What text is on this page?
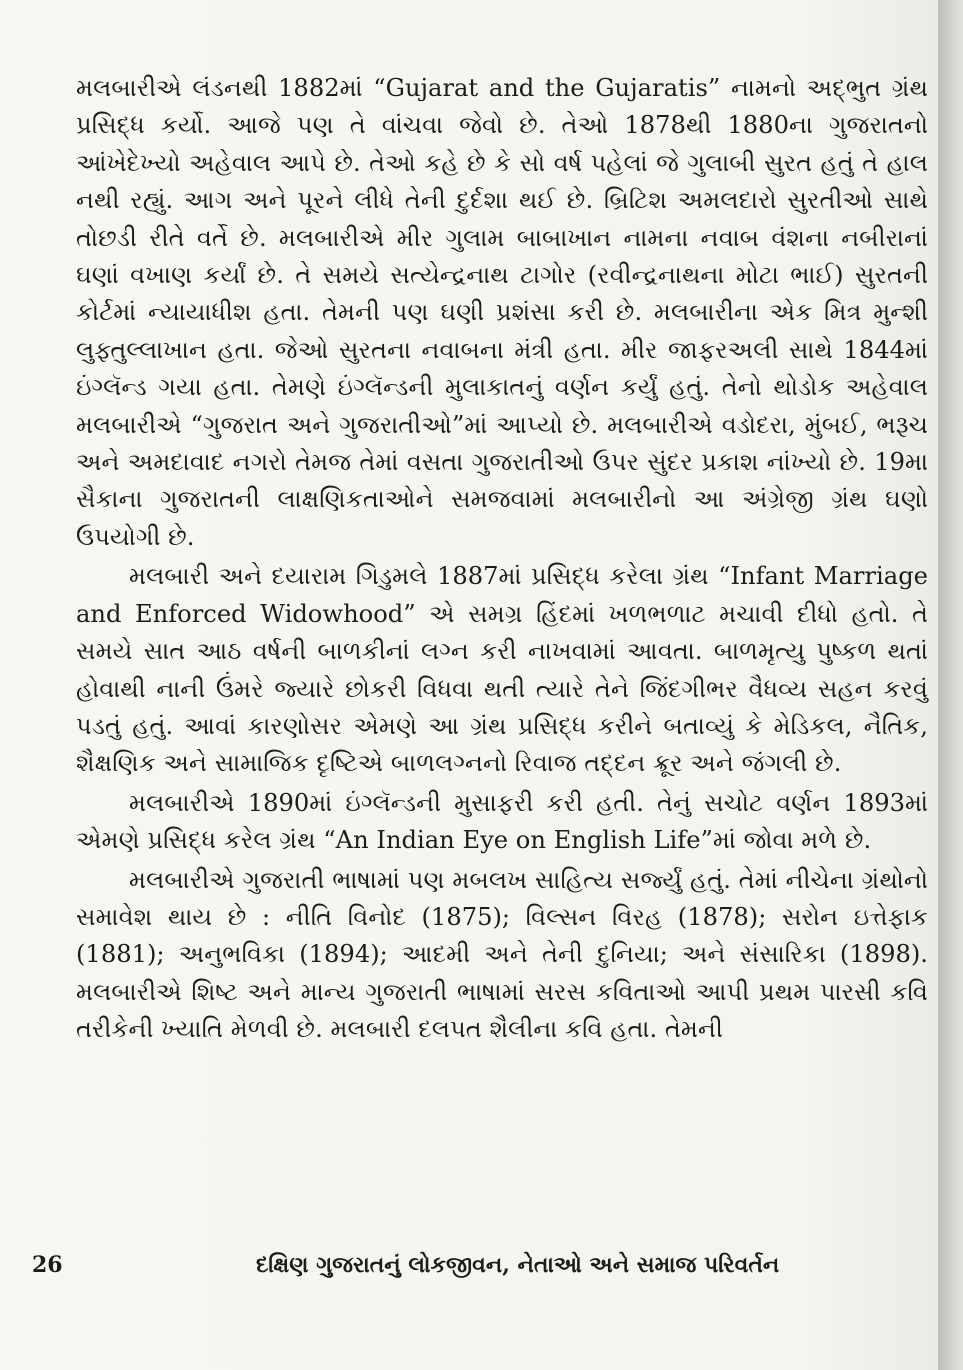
મલબારીએ લંડનથી 1882માં “Gujarat and the Gujaratis” નામનો અદ્ભુત ગ્રંથ પ્રસિદ્ધ કર્યો. આજે પણ તે વાંચવા જેવો છે. તેઓ 1878થી 1880ના ગુજરાતનો આંખેદેખ્યો અહેવાલ આપે છે. તેઓ કહે છે કે સો વર્ષ પહેલાં જે ગુલાબી સુરત હતું તે હાલ નથી રહ્યું. આગ અને પૂરને લીધે તેની દુર્દશા થઈ છે. બ્રિટિશ અમલદારો સુરતીઓ સાથે તોછડી રીતે વર્તે છે. મલબારીએ મીર ગુલામ બાબાખાન નામના નવાબ વંશના નબીરાનાં ઘણાં વખાણ કર્યાં છે. તે સમયે સત્યેન્દ્રનાથ ટાગોર (રવીન્દ્રનાથના મોટા ભાઈ) સુરતની કોર્ટમાં ન્યાયાધીશ હતા. તેમની પણ ઘણી પ્રશંસા કરી છે. મલબારીના એક મિત્ર મુન્શી લુફ્તુલ્લાખાન હતા. જેઓ સુરતના નવાબના મંત્રી હતા. મીર જાફરઅલી સાથે 1844માં ઇંગ્લૅન્ડ ગયા હતા. તેમણે ઇંગ્લૅન્ડની મુલાકાતનું વર્ણન કર્યું હતું. તેનો થોડોક અહેવાલ મલબારીએ “ગુજરાત અને ગુજરાતીઓ”માં આપ્યો છે. મલબારીએ વડોદરા, મુંબઈ, ભરૂચ અને અમદાવાદ નગરો તેમજ તેમાં વસતા ગુજરાતીઓ ઉપર સુંદર પ્રકાશ નાંખ્યો છે. 19મા સૈકાના ગુજરાતની લાક્ષણિકતાઓને સમજવામાં મલબારીનો આ અંગ્રેજી ગ્રંથ ઘણો ઉપયોગી છે.

મલબારી અને દયારામ ગિડુમલે 1887માં પ્રસિદ્ધ કરેલા ગ્રંથ “Infant Marriage and Enforced Widowhood” એ સમગ્ર હિંદમાં ખળભળાટ મચાવી દીધો હતો. તે સમયે સાત આઠ વર્ષની બાળકીનાં લગ્ન કરી નાખવામાં આવતા. બાળમૃત્યુ પુષ્કળ થતાં હોવાથી નાની ઉંમરે જ્યારે છોકરી વિધવા થતી ત્યારે તેને જિંદગીભર વૈધવ્ય સહન કરવું પડતું હતું. આવાં કારણોસર એમણે આ ગ્રંથ પ્રસિદ્ધ કરીને બતાવ્યું કે મેડિકલ, નૈતિક, શૈક્ષણિક અને સામાજિક દૃષ્ટિએ બાળલગ્નનો રિવાજ તદ્દન ક્રૂર અને જંગલી છે.

મલબારીએ 1890માં ઇંગ્લૅન્ડની મુસાફરી કરી હતી. તેનું સચોટ વર્ણન 1893માં એમણે પ્રસિદ્ધ કરેલ ગ્રંથ “An Indian Eye on English Life”માં જોવા મળે છે.

મલબારીએ ગુજરાતી ભાષામાં પણ મબલખ સાહિત્ય સર્જ્યું હતું. તેમાં નીચેના ગ્રંથોનો સમાવેશ થાય છે : નીતિ વિનોદ (1875); વિલ્સન વિરહ (1878); સરોન ઇત્તેફાક (1881); અનુભવિકા (1894); આદમી અને તેની દુનિયા; અને સંસારિકા (1898). મલબારીએ શિષ્ટ અને માન્ય ગુજરાતી ભાષામાં સરસ કવિતાઓ આપી પ્રથમ પારસી કવિ તરીકેની ખ્યાતિ મેળવી છે. મલબારી દલપત શૈલીના કવિ હતા. તેમની

26	દક્ષિણ ગુજરાતનું લોકજીવન, નેતાઓ અને સમાજ પરિવર્તન
